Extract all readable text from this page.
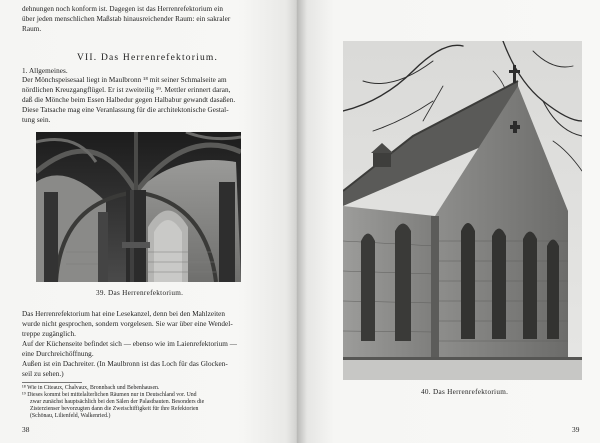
dehnungen noch konform ist. Dagegen ist das Herrenrefektorium ein
über jeden menschlichen Maßstab hinausreichender Raum: ein sakraler
Raum.
VII. Das Herrenrefektorium.
1. Allgemeines.
Der Mönchspeisesaal liegt in Maulbronn ¹⁸ mit seiner Schmalseite am
nördlichen Kreuzgangflügel. Er ist zweiteilig ¹⁹. Mettler erinnert daran,
daß die Mönche beim Essen Halbedur gegen Halbabur gewandt dasaßen.
Diese Tatsache mag eine Veranlassung für die architektonische Gestal-
tung sein.
39. Das Herrenrefektorium.
Das Herrenrefektorium hat eine Lesekanzel, denn bei den Mahlzeiten
wurde nicht gesprochen, sondern vorgelesen. Sie war über eine Wendel-
treppe zugänglich.
Auf der Küchenseite befindet sich — ebenso wie im Laienrefektorium —
eine Durchreichöffnung.
Außen ist ein Dachreiter. (In Maulbronn ist das Loch für das Glocken-
seil zu sehen.)
¹⁸ Wie in Citeaux, Chalvaux, Bronnbach und Bebenhausen.
¹⁹ Dieses kommt bei mittelalterlichen Räumen nur in Deutschland vor. Und
zwar zunächst hauptsächlich bei den Sälen der Palastbauten. Besonders die
Zisterzienser bevorzugten dann die Zweischiffigkeit für ihre Refektorien
(Schönau, Lilienfeld, Walkenried.)
38
40. Das Herrenrefektorium.
39
